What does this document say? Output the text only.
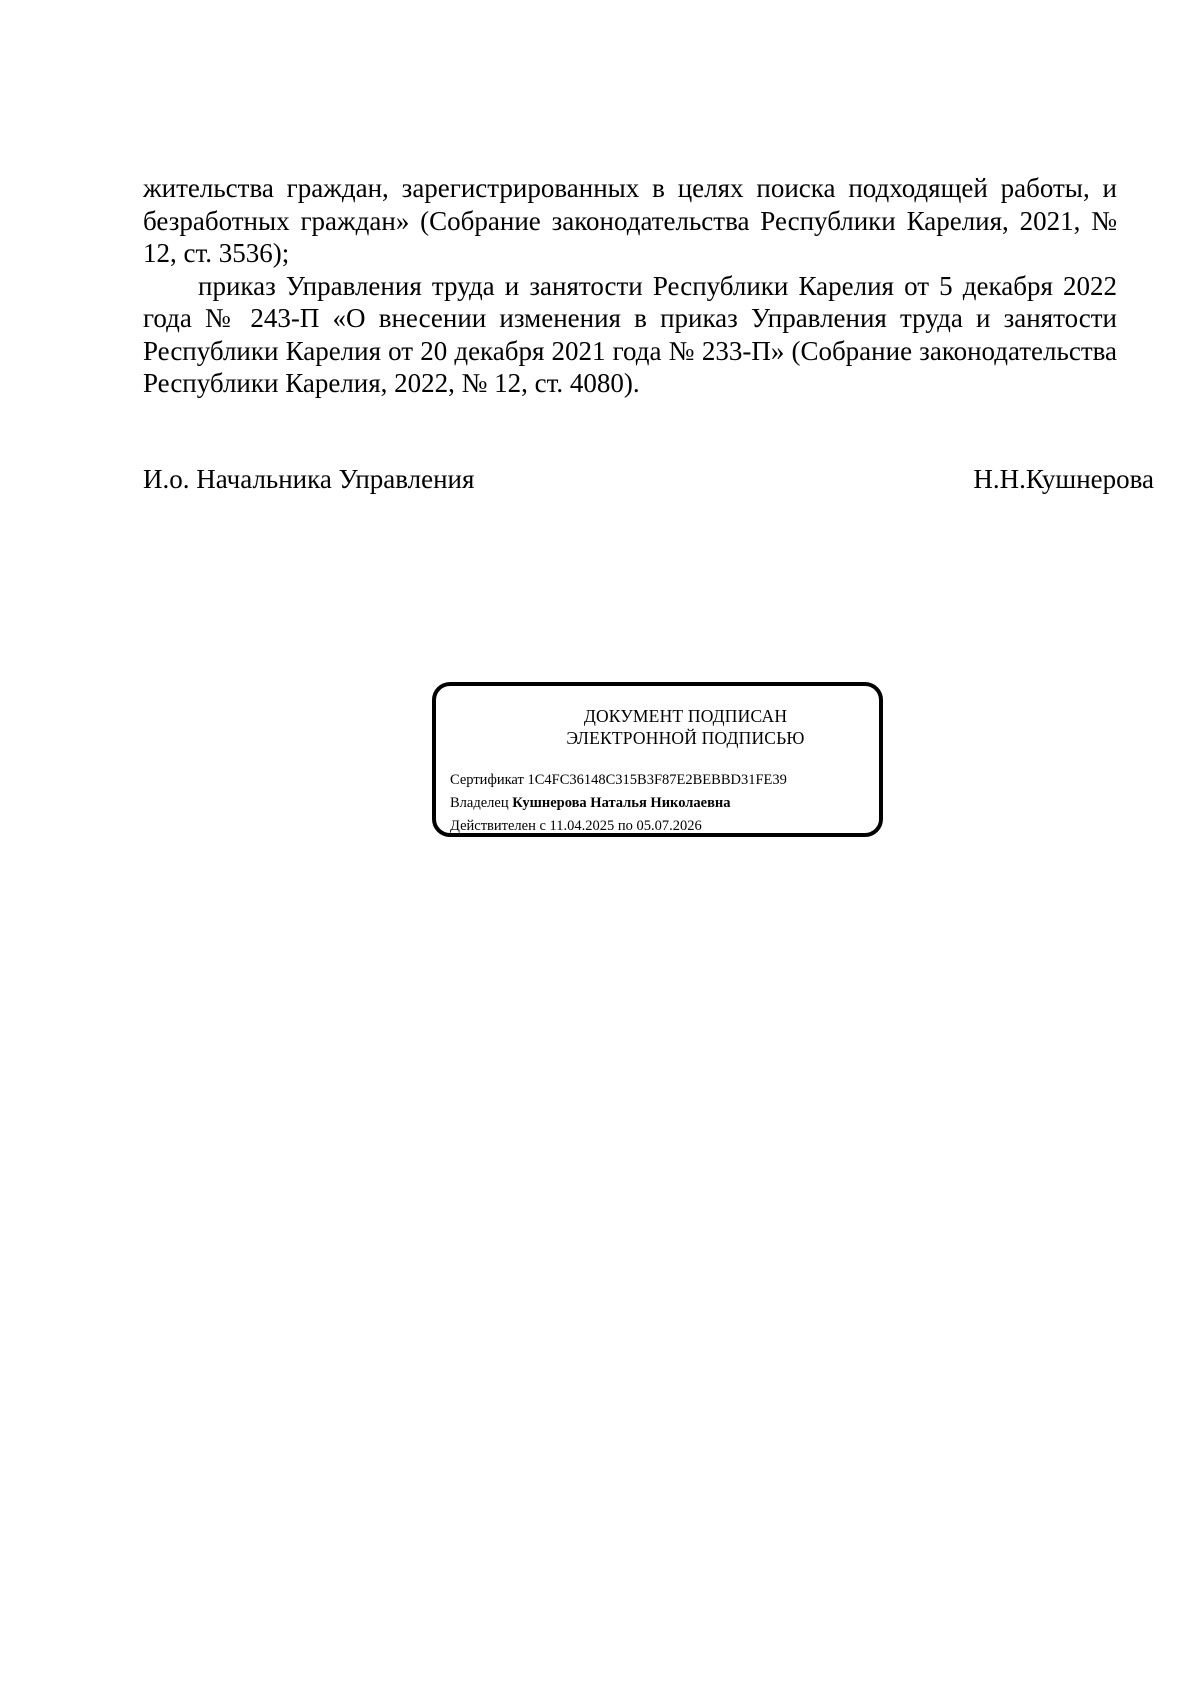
жительства граждан, зарегистрированных в целях поиска подходящей работы, и безработных граждан» (Собрание законодательства Республики Карелия, 2021, № 12, ст. 3536);

приказ Управления труда и занятости Республики Карелия от 5 декабря 2022 года № 243-П «О внесении изменения в приказ Управления труда и занятости Республики Карелия от 20 декабря 2021 года № 233-П» (Собрание законодательства Республики Карелия, 2022, № 12, ст. 4080).

И.о. Начальника Управления	Н.Н.Кушнерова
ДОКУМЕНТ ПОДПИСАН
ЭЛЕКТРОННОЙ ПОДПИСЬЮ
Сертификат 1C4FC36148C315B3F87E2BEBBD31FE39
Владелец Кушнерова Наталья Николаевна
Действителен с 11.04.2025 по 05.07.2026
